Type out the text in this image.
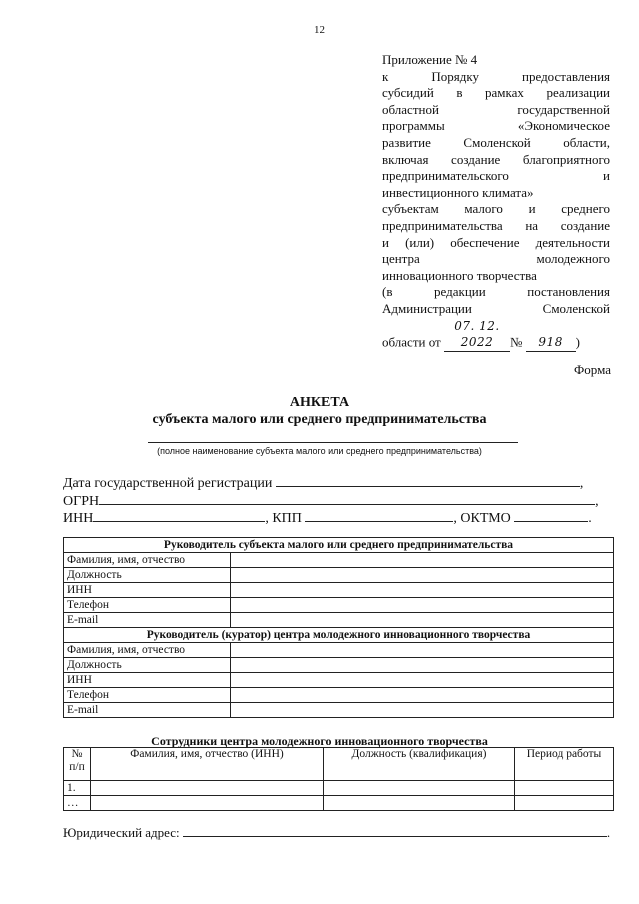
12
Приложение № 4
к Порядку предоставления
субсидий в рамках реализации
областной государственной
программы «Экономическое
развитие Смоленской области,
включая создание благоприятного
предпринимательского и
инвестиционного климата»
субъектам малого и среднего
предпринимательства на создание
и (или) обеспечение деятельности
центра молодежного
инновационного творчества
(в редакции постановления
Администрации Смоленской
области от 07. 12. 2022 № 918 )
Форма
АНКЕТА
субъекта малого или среднего предпринимательства
(полное наименование субъекта малого или среднего предпринимательства)
Дата государственной регистрации	,
ОГРН	,
ИНН	, КПП	, ОКТМО	.
Руководитель субъекта малого или среднего предпринимательства	
Фамилия, имя, отчество	
Должность	
ИНН	
Телефон	
E-mail	
Руководитель (куратор) центра молодежного инновационного творчества	
Фамилия, имя, отчество	
Должность	
ИНН	
Телефон	
E-mail	
Сотрудники центра молодежного инновационного творчества
№ п/п	Фамилия, имя, отчество (ИНН)	Должность (квалификация)	Период работы
1.			
…			
Юридический адрес:	.
